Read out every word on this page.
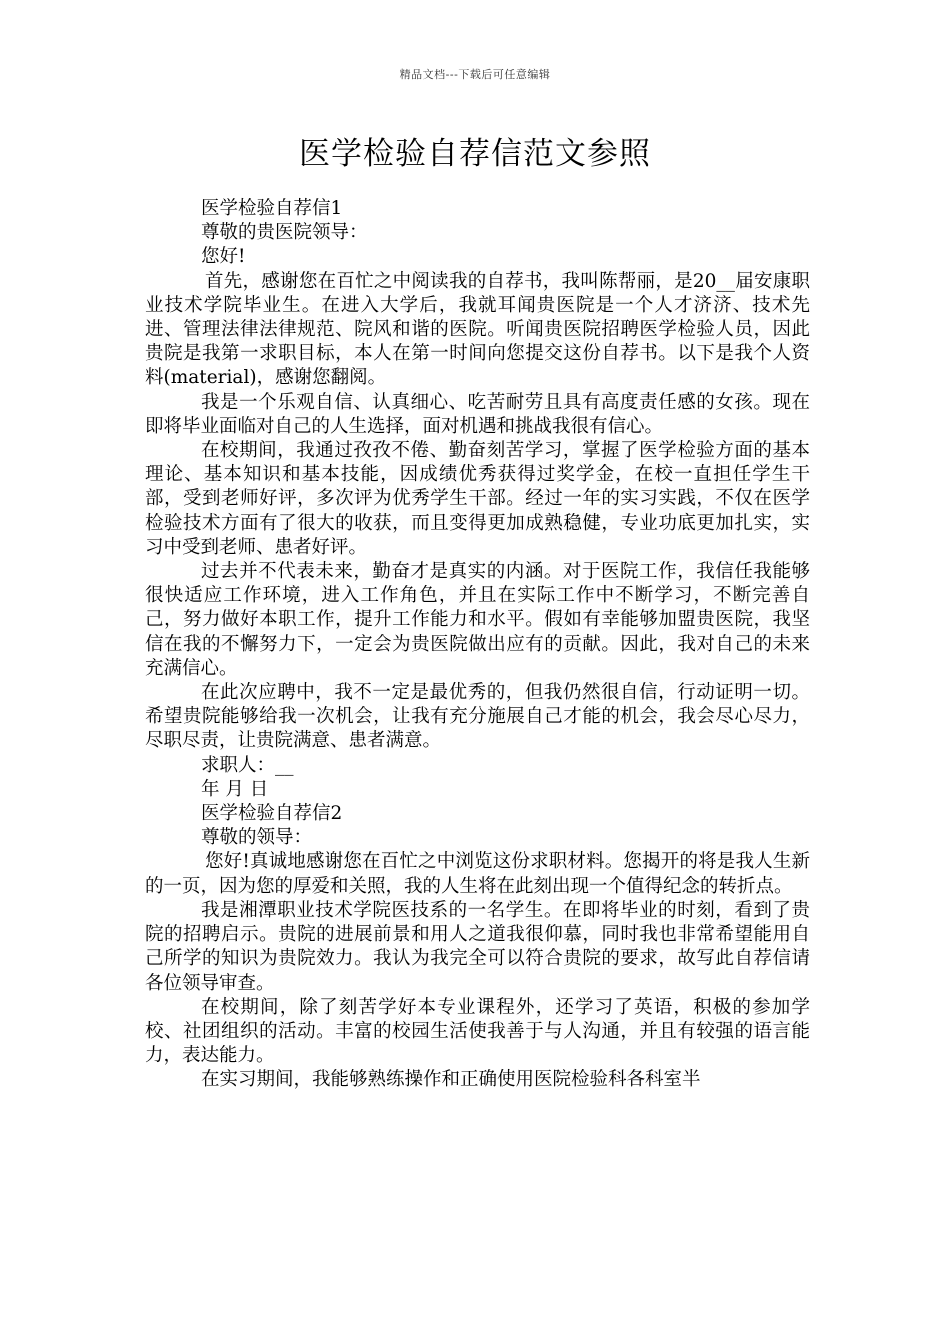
精品文档---下载后可任意编辑
医学检验自荐信范文参照

医学检验自荐信1

尊敬的贵医院领导：

您好!

首先，感谢您在百忙之中阅读我的自荐书，我叫陈帮丽，是20__届安康职业技术学院毕业生。在进入大学后，我就耳闻贵医院是一个人才济济、技术先进、管理法律法律规范、院风和谐的医院。听闻贵医院招聘医学检验人员，因此贵院是我第一求职目标，本人在第一时间向您提交这份自荐书。以下是我个人资料(material)，感谢您翻阅。

我是一个乐观自信、认真细心、吃苦耐劳且具有高度责任感的女孩。现在即将毕业面临对自己的人生选择，面对机遇和挑战我很有信心。

在校期间，我通过孜孜不倦、勤奋刻苦学习，掌握了医学检验方面的基本理论、基本知识和基本技能，因成绩优秀获得过奖学金，在校一直担任学生干部，受到老师好评，多次评为优秀学生干部。经过一年的实习实践，不仅在医学检验技术方面有了很大的收获，而且变得更加成熟稳健，专业功底更加扎实，实习中受到老师、患者好评。

过去并不代表未来，勤奋才是真实的内涵。对于医院工作，我信任我能够很快适应工作环境，进入工作角色，并且在实际工作中不断学习，不断完善自己，努力做好本职工作，提升工作能力和水平。假如有幸能够加盟贵医院，我坚信在我的不懈努力下，一定会为贵医院做出应有的贡献。因此，我对自己的未来充满信心。

在此次应聘中，我不一定是最优秀的，但我仍然很自信，行动证明一切。希望贵院能够给我一次机会，让我有充分施展自己才能的机会，我会尽心尽力，尽职尽责，让贵院满意、患者满意。

求职人：__

年 月 日

医学检验自荐信2

尊敬的领导：

您好!真诚地感谢您在百忙之中浏览这份求职材料。您揭开的将是我人生新的一页，因为您的厚爱和关照，我的人生将在此刻出现一个值得纪念的转折点。

我是湘潭职业技术学院医技系的一名学生。在即将毕业的时刻，看到了贵院的招聘启示。贵院的进展前景和用人之道我很仰慕，同时我也非常希望能用自己所学的知识为贵院效力。我认为我完全可以符合贵院的要求，故写此自荐信请各位领导审查。

在校期间，除了刻苦学好本专业课程外，还学习了英语，积极的参加学校、社团组织的活动。丰富的校园生活使我善于与人沟通，并且有较强的语言能力，表达能力。

在实习期间，我能够熟练操作和正确使用医院检验科各科室半
